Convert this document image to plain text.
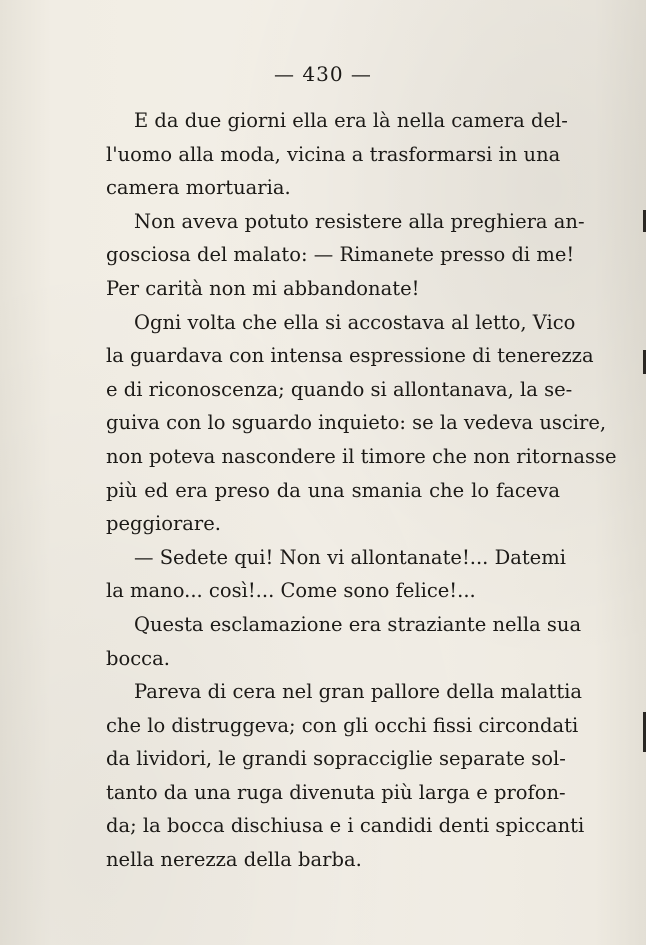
— 430 —
E da due giorni ella era là nella camera del-
l'uomo alla moda, vicina a trasformarsi in una
camera mortuaria.
Non aveva potuto resistere alla preghiera an-
gosciosa del malato: — Rimanete presso di me!
Per carità non mi abbandonate!
Ogni volta che ella si accostava al letto, Vico
la guardava con intensa espressione di tenerezza
e di riconoscenza; quando si allontanava, la se-
guiva con lo sguardo inquieto: se la vedeva uscire,
non poteva nascondere il timore che non ritornasse
più ed era preso da una smania che lo faceva
peggiorare.
— Sedete qui! Non vi allontanate!... Datemi
la mano... così!... Come sono felice!...
Questa esclamazione era straziante nella sua
bocca.
Pareva di cera nel gran pallore della malattia
che lo distruggeva; con gli occhi fissi circondati
da lividori, le grandi sopracciglie separate sol-
tanto da una ruga divenuta più larga e profon-
da; la bocca dischiusa e i candidi denti spiccanti
nella nerezza della barba.
